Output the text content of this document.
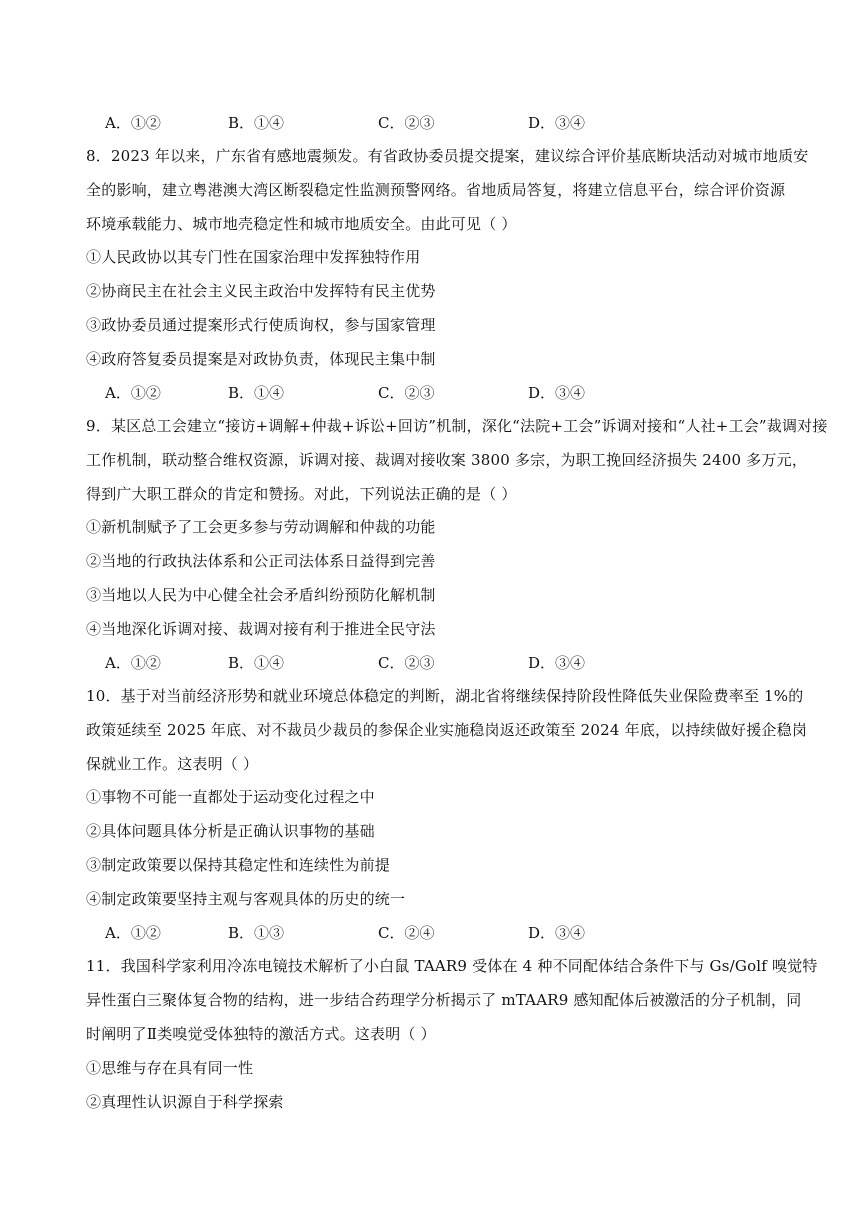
A．①②	B．①④	C．②③	D．③④
8．2023 年以来，广东省有感地震频发。有省政协委员提交提案，建议综合评价基底断块活动对城市地质安
全的影响，建立粤港澳大湾区断裂稳定性监测预警网络。省地质局答复，将建立信息平台，综合评价资源
环境承载能力、城市地壳稳定性和城市地质安全。由此可见（ ）
①人民政协以其专门性在国家治理中发挥独特作用
②协商民主在社会主义民主政治中发挥特有民主优势
③政协委员通过提案形式行使质询权，参与国家管理
④政府答复委员提案是对政协负责，体现民主集中制
A．①②	B．①④	C．②③	D．③④
9．某区总工会建立“接访+调解+仲裁+诉讼+回访”机制，深化“法院+工会”诉调对接和“人社+工会”裁调对接
工作机制，联动整合维权资源，诉调对接、裁调对接收案 3800 多宗，为职工挽回经济损失 2400 多万元，
得到广大职工群众的肯定和赞扬。对此，下列说法正确的是（ ）
①新机制赋予了工会更多参与劳动调解和仲裁的功能
②当地的行政执法体系和公正司法体系日益得到完善
③当地以人民为中心健全社会矛盾纠纷预防化解机制
④当地深化诉调对接、裁调对接有利于推进全民守法
A．①②	B．①④	C．②③	D．③④
10．基于对当前经济形势和就业环境总体稳定的判断，湖北省将继续保持阶段性降低失业保险费率至 1%的
政策延续至 2025 年底、对不裁员少裁员的参保企业实施稳岗返还政策至 2024 年底，以持续做好援企稳岗
保就业工作。这表明（ ）
①事物不可能一直都处于运动变化过程之中
②具体问题具体分析是正确认识事物的基础
③制定政策要以保持其稳定性和连续性为前提
④制定政策要坚持主观与客观具体的历史的统一
A．①②	B．①③	C．②④	D．③④
11．我国科学家利用冷冻电镜技术解析了小白鼠 TAAR9 受体在 4 种不同配体结合条件下与 Gs/Golf 嗅觉特
异性蛋白三聚体复合物的结构，进一步结合药理学分析揭示了 mTAAR9 感知配体后被激活的分子机制，同
时阐明了Ⅱ类嗅觉受体独特的激活方式。这表明（ ）
①思维与存在具有同一性
②真理性认识源自于科学探索
